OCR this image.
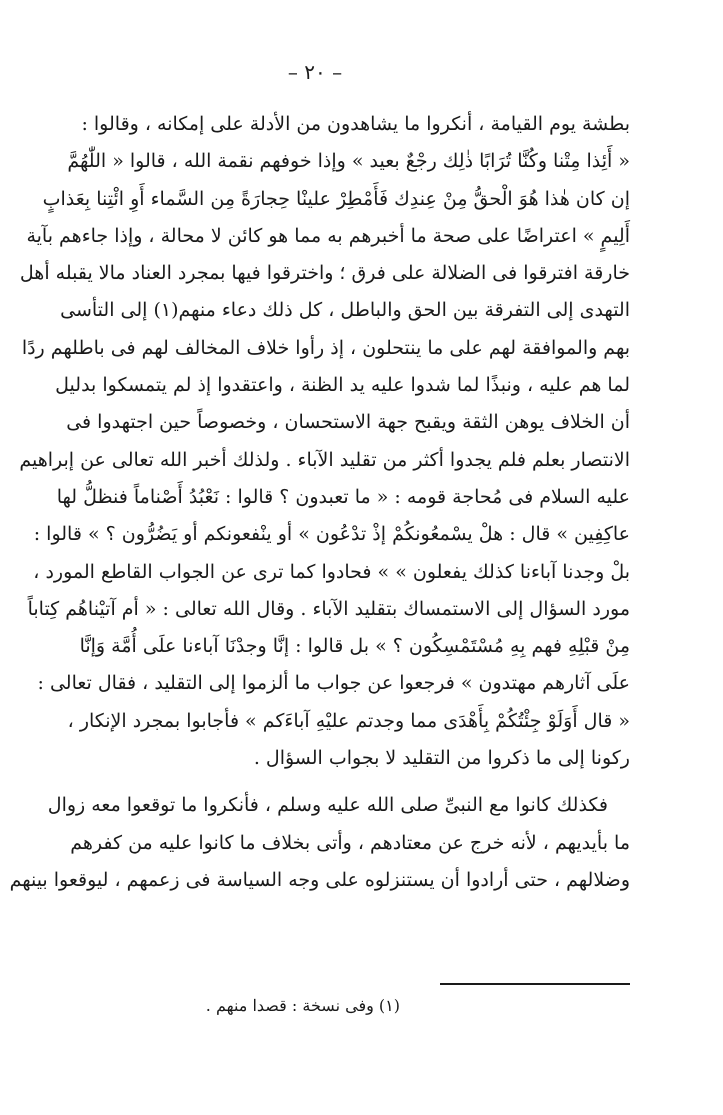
– ٢٠ –
بطشة يوم القيامة ، أنكروا ما يشاهدون من الأدلة على إمكانه ، وقالوا :
« أَئِذا مِتْنا وكُنَّا تُرَابًا ذٰلِك رجْعٌ بعيد » وإذا خوفهم نقمة الله ، قالوا « اللّٰهُمَّ
إن كان هٰذا هُوَ الْحقُّ مِنْ عِندِك فَأَمْطِرْ علينْا حِجارَةً مِن السَّماء أَوِ ائْتِنا بِعَذابٍ
أَلِيمٍ » اعتراضًا على صحة ما أخبرهم به مما هو كائن لا محالة ، وإذا جاءهم بآية
خارقة افترقوا فى الضلالة على فرق ؛ واخترقوا فيها بمجرد العناد مالا يقبله أهل
التهدى إلى التفرقة بين الحق والباطل ، كل ذلك دعاء منهم(١) إلى التأسى
بهم والموافقة لهم على ما ينتحلون ، إذ رأوا خلاف المخالف لهم فى باطلهم ردًا
لما هم عليه ، ونبذًا لما شدوا عليه يد الظنة ، واعتقدوا إذ لم يتمسكوا بدليل
أن الخلاف يوهن الثقة ويقبح جهة الاستحسان ، وخصوصاً حين اجتهدوا فى
الانتصار بعلم فلم يجدوا أكثر من تقليد الآباء . ولذلك أخبر الله تعالى عن إبراهيم
عليه السلام فى مُحاجة قومه : « ما تعبدون ؟ قالوا : نَعْبُدُ أَصْناماً فنظلُّ لها
عاكِفِين » قال : هلْ يسْمعُونكُمْ إذْ تدْعُون » أو ينْفعونكم أو يَضُرُّون ؟ » قالوا :
بلْ وجدنا آباءنا كذلك يفعلون » » فحادوا كما ترى عن الجواب القاطع المورد ،
مورد السؤال إلى الاستمساك بتقليد الآباء . وقال الله تعالى : « أم آتيْناهُم كِتاباً
مِنْ قبْلِهِ فهم بِهِ مُسْتَمْسِكُون ؟ » بل قالوا : إنَّا وجدْنَا آباءنا علَى أُمَّة وَإنَّا
علَى آثارهم مهتدون » فرجعوا عن جواب ما ألزموا إلى التقليد ، فقال تعالى :
« قال أَوَلَوْ جِئْتُكُمْ بِأَهْدَى مما وجدتم عليْهِ آباءَكم » فأجابوا بمجرد الإنكار ،
ركونا إلى ما ذكروا من التقليد لا بجواب السؤال .
فكذلك كانوا مع النبىِّ صلى الله عليه وسلم ، فأنكروا ما توقعوا معه زوال
ما بأيديهم ، لأنه خرج عن معتادهم ، وأتى بخلاف ما كانوا عليه من كفرهم
وضلالهم ، حتى أرادوا أن يستنزلوه على وجه السياسة فى زعمهم ، ليوقعوا بينهم
(١) وفى نسخة : قصدا منهم .
